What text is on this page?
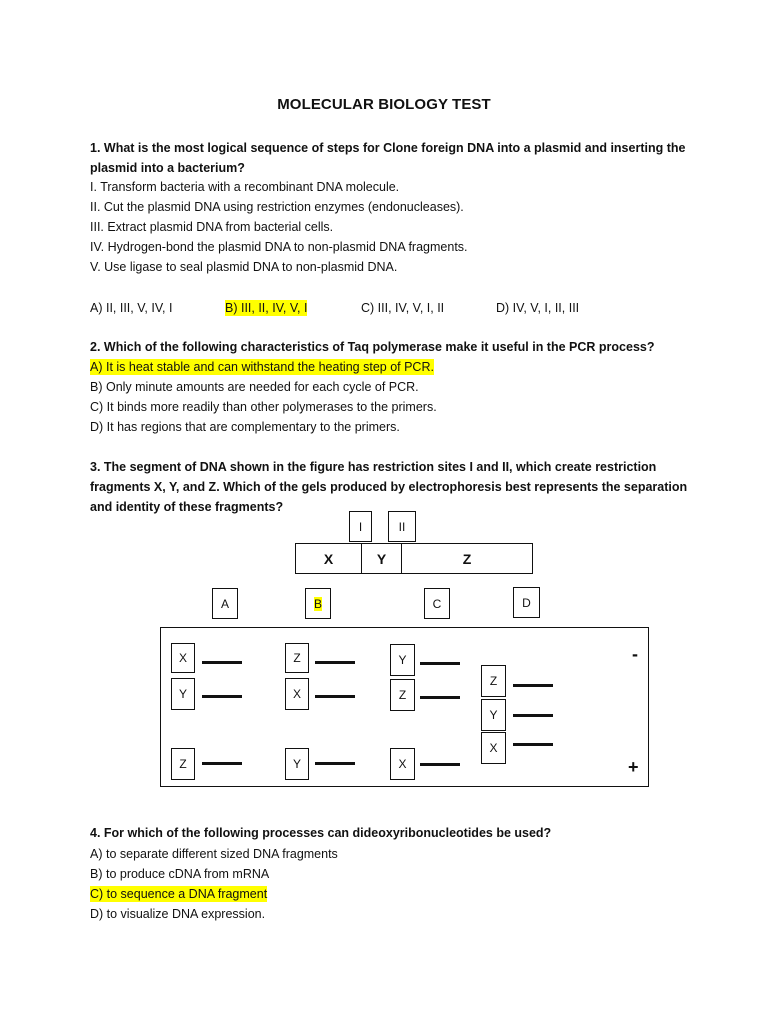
MOLECULAR BIOLOGY TEST
1. What is the most logical sequence of steps for Clone foreign DNA into a plasmid and inserting the
plasmid into a bacterium?
I. Transform bacteria with a recombinant DNA molecule.
II. Cut the plasmid DNA using restriction enzymes (endonucleases).
III. Extract plasmid DNA from bacterial cells.
IV. Hydrogen-bond the plasmid DNA to non-plasmid DNA fragments.
V. Use ligase to seal plasmid DNA to non-plasmid DNA.
A) II, III, V, IV, I	B) III, II, IV, V, I	C) III, IV, V, I, II	D) IV, V, I, II, III
2. Which of the following characteristics of Taq polymerase make it useful in the PCR process?
A) It is heat stable and can withstand the heating step of PCR.
B) Only minute amounts are needed for each cycle of PCR.
C) It binds more readily than other polymerases to the primers.
D) It has regions that are complementary to the primers.
3. The segment of DNA shown in the figure has restriction sites I and II, which create restriction
fragments X, Y, and Z. Which of the gels produced by electrophoresis best represents the separation
and identity of these fragments?
I	II
X	Y	Z
A	B	C	D
X
Y
Z
Z
X
Y
Y
Z
X
Z
Y
X
-
+
4. For which of the following processes can dideoxyribonucleotides be used?
A) to separate different sized DNA fragments
B) to produce cDNA from mRNA
C) to sequence a DNA fragment
D) to visualize DNA expression.
